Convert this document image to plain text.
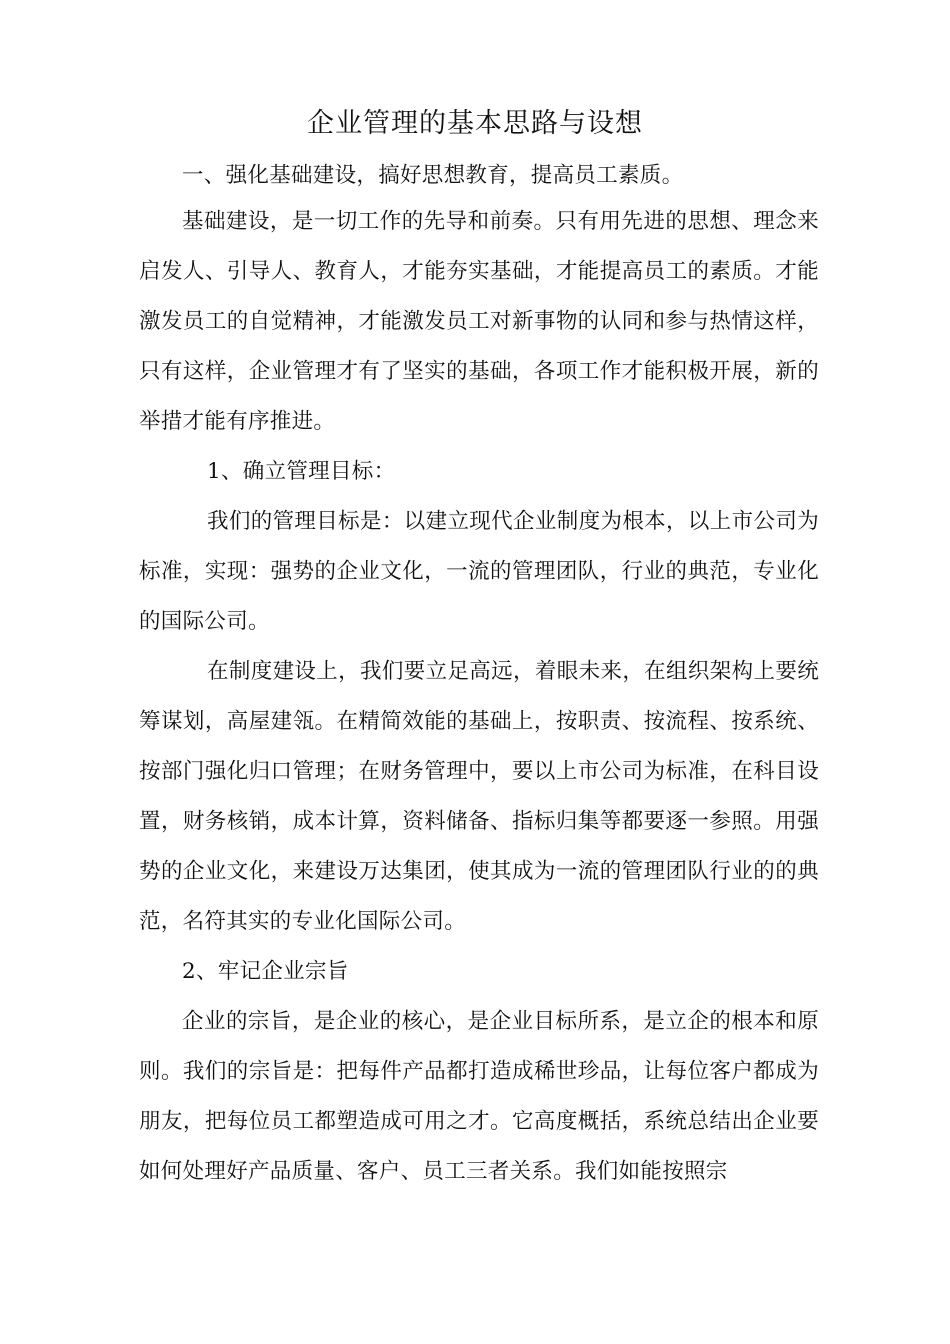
企业管理的基本思路与设想

一、强化基础建设，搞好思想教育，提高员工素质。

基础建设，是一切工作的先导和前奏。只有用先进的思想、理念来启发人、引导人、教育人，才能夯实基础，才能提高员工的素质。才能激发员工的自觉精神，才能激发员工对新事物的认同和参与热情这样，只有这样，企业管理才有了坚实的基础，各项工作才能积极开展，新的举措才能有序推进。

1、确立管理目标：

我们的管理目标是：以建立现代企业制度为根本，以上市公司为标准，实现：强势的企业文化，一流的管理团队，行业的典范，专业化的国际公司。

在制度建设上，我们要立足高远，着眼未来，在组织架构上要统筹谋划，高屋建瓴。在精简效能的基础上，按职责、按流程、按系统、按部门强化归口管理；在财务管理中，要以上市公司为标准，在科目设置，财务核销，成本计算，资料储备、指标归集等都要逐一参照。用强势的企业文化，来建设万达集团，使其成为一流的管理团队行业的的典范，名符其实的专业化国际公司。

2、牢记企业宗旨

企业的宗旨，是企业的核心，是企业目标所系，是立企的根本和原则。我们的宗旨是：把每件产品都打造成稀世珍品，让每位客户都成为朋友，把每位员工都塑造成可用之才。它高度概括，系统总结出企业要如何处理好产品质量、客户、员工三者关系。我们如能按照宗
